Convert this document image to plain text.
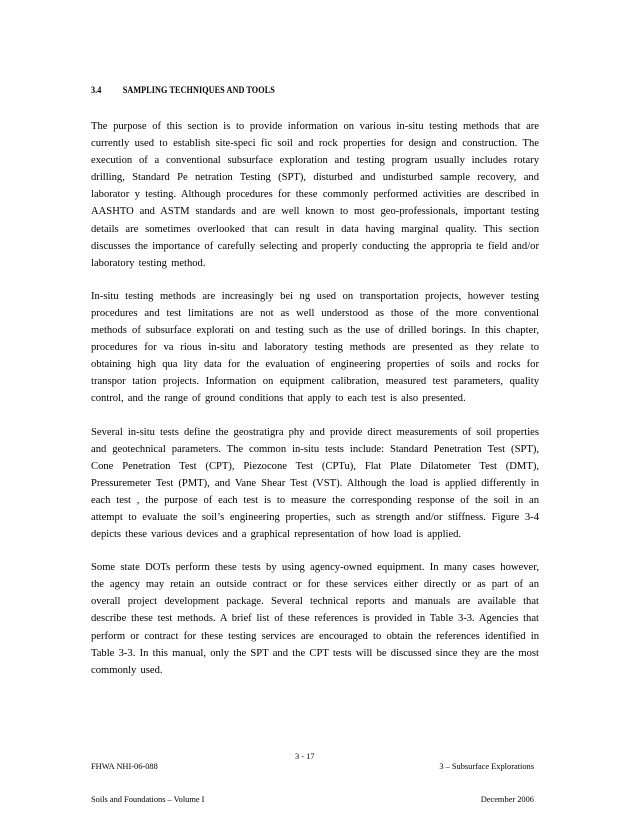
3.4 SAMPLING TECHNIQUES AND TOOLS

The purpose of this section is to provide information on various in-situ testing methods that are currently used to establish site-speci fic soil and rock properties for design and construction. The execution of a conventional subsurface exploration and testing program usually includes rotary drilling, Standard Pe netration Testing (SPT), disturbed and undisturbed sample recovery, and laborator y testing. Although procedures for these commonly performed activities are described in AASHTO and ASTM standards and are well known to most geo-professionals, important testing details are sometimes overlooked that can result in data having marginal quality. This section discusses the importance of carefully selecting and properly conducting the appropria te field and/or laboratory testing method.

In-situ testing methods are increasingly bei ng used on transportation projects, however testing procedures and test limitations are not as well understood as those of the more conventional methods of subsurface explorati on and testing such as the use of drilled borings. In this chapter, procedures for va rious in-situ and laboratory testing methods are presented as they relate to obtaining high qua lity data for the evaluation of engineering properties of soils and rocks for transpor tation projects. Information on equipment calibration, measured test parameters, quality control, and the range of ground conditions that apply to each test is also presented.

Several in-situ tests define the geostratigra phy and provide direct measurements of soil properties and geotechnical parameters. The common in-situ tests include: Standard Penetration Test (SPT), Cone Penetration Test (CPT), Piezocone Test (CPTu), Flat Plate Dilatometer Test (DMT), Pressuremeter Test (PMT), and Vane Shear Test (VST). Although the load is applied differently in each test , the purpose of each test is to measure the corresponding response of the soil in an attempt to evaluate the soil’s engineering properties, such as strength and/or stiffness. Figure 3-4 depicts these various devices and a graphical representation of how load is applied.

Some state DOTs perform these tests by using agency-owned equipment. In many cases however, the agency may retain an outside contract or for these services either directly or as part of an overall project development package. Several technical reports and manuals are available that describe these test methods. A brief list of these references is provided in Table 3-3. Agencies that perform or contract for these testing services are encouraged to obtain the references identified in Table 3-3. In this manual, only the SPT and the CPT tests will be discussed since they are the most commonly used.

FHWA NHI-06-088

Soils and Foundations – Volume I

3 - 17

3 – Subsurface Explorations

December 2006
